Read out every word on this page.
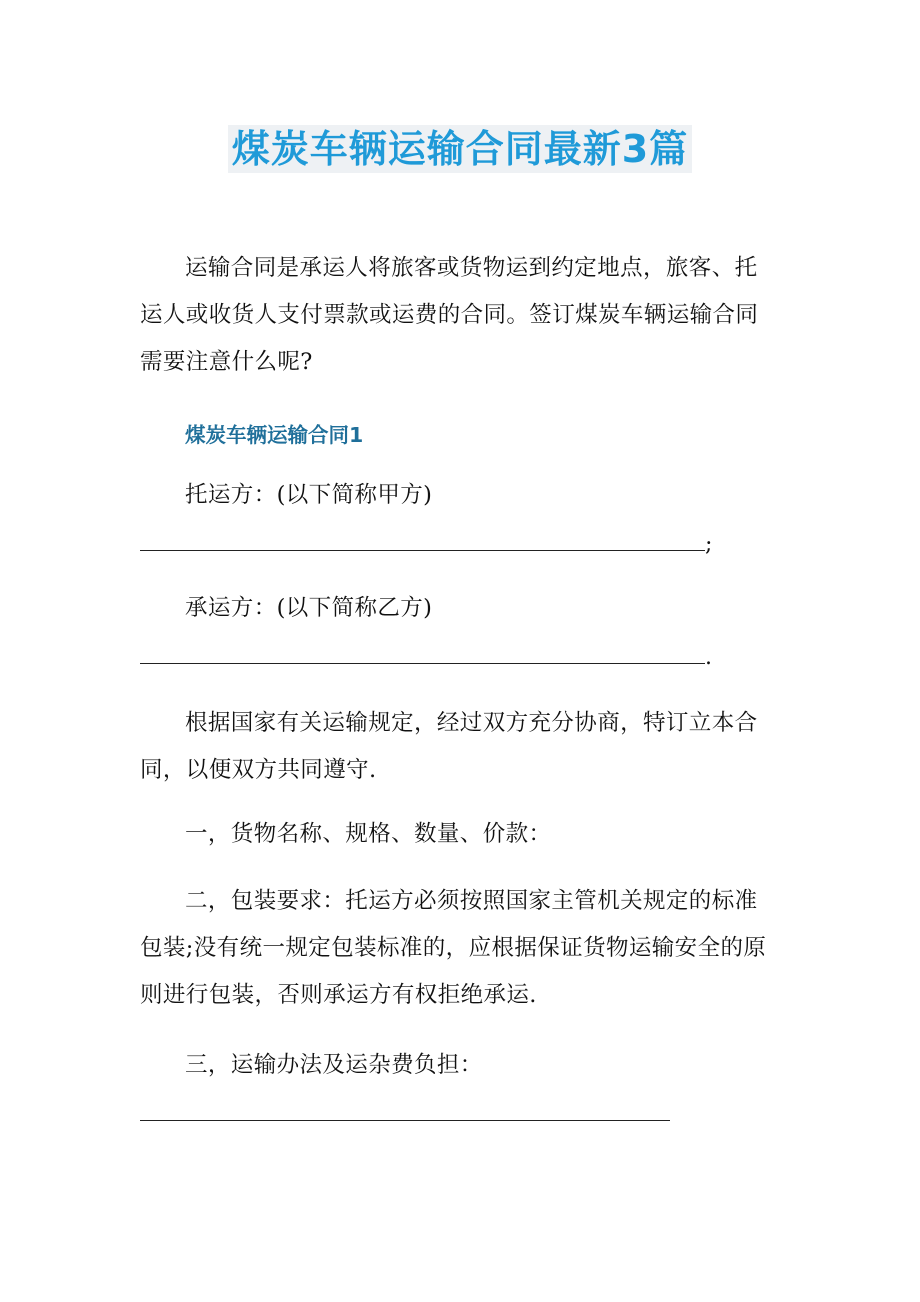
煤炭车辆运输合同最新3篇
运输合同是承运人将旅客或货物运到约定地点，旅客、托运人或收货人支付票款或运费的合同。签订煤炭车辆运输合同需要注意什么呢?
煤炭车辆运输合同1
托运方：(以下简称甲方)
;
承运方：(以下简称乙方)
.
根据国家有关运输规定，经过双方充分协商，特订立本合同，以便双方共同遵守.
一，货物名称、规格、数量、价款：
二，包装要求：托运方必须按照国家主管机关规定的标准包装;没有统一规定包装标准的，应根据保证货物运输安全的原则进行包装，否则承运方有权拒绝承运.
三，运输办法及运杂费负担：
